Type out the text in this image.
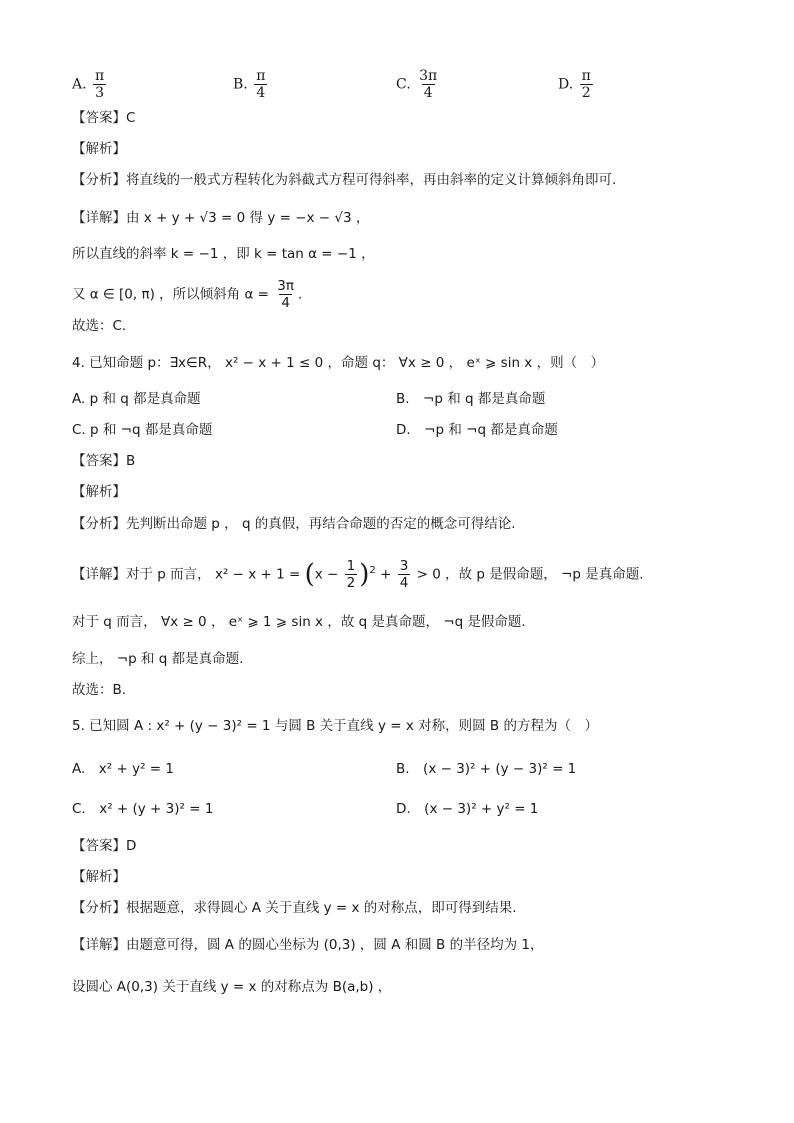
A. $\frac{\pi}{3}$	B. $\frac{\pi}{4}$	C. $\frac{3\pi}{4}$	D. $\frac{\pi}{2}$
【答案】C
【解析】
【分析】将直线的一般式方程转化为斜截式方程可得斜率，再由斜率的定义计算倾斜角即可.
【详解】由 x + y + √3 = 0 得 y = −x − √3 ，
所以直线的斜率 k = −1 ，即 k = tan α = −1 ，
又 α ∈ [0, π) ，所以倾斜角 $\alpha = \frac{3\pi}{4}$ .
故选：C.
4. 已知命题 p：∃x∈R， x² − x + 1 ≤ 0 ，命题 q： ∀x ≥ 0 ， eˣ ⩾ sin x ，则（　）
A. p 和 q 都是真命题	B.　¬p 和 q 都是真命题
C. p 和 ¬q 都是真命题	D.　¬p 和 ¬q 都是真命题
【答案】B
【解析】
【分析】先判断出命题 p ， q 的真假，再结合命题的否定的概念可得结论.
【详解】对于 p 而言， $x^2 - x + 1 = (x - \frac{1}{2} )^2 + \frac{3}{4} > 0$ ，故 p 是假命题， ¬p 是真命题.
对于 q 而言， ∀x ≥ 0 ， eˣ ⩾ 1 ⩾ sin x ，故 q 是真命题， ¬q 是假命题.
综上， ¬p 和 q 都是真命题.
故选：B.
5. 已知圆 A : x² + (y − 3)² = 1 与圆 B 关于直线 y = x 对称，则圆 B 的方程为（　）
A.　x² + y² = 1	B.　(x − 3)² + (y − 3)² = 1
C.　x² + (y + 3)² = 1	D.　(x − 3)² + y² = 1
【答案】D
【解析】
【分析】根据题意，求得圆心 A 关于直线 y = x 的对称点，即可得到结果.
【详解】由题意可得，圆 A 的圆心坐标为 (0,3) ，圆 A 和圆 B 的半径均为 1，
设圆心 A(0,3) 关于直线 y = x 的对称点为 B(a,b) ，
